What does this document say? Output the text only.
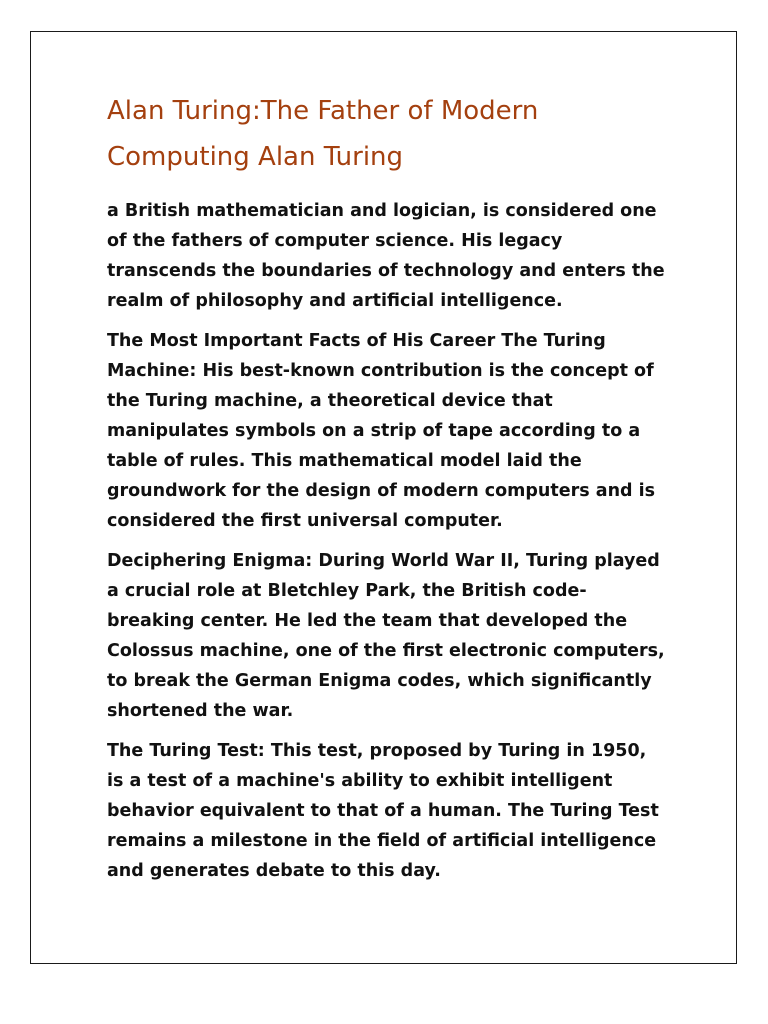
Alan Turing:The Father of Modern Computing Alan Turing

a British mathematician and logician, is considered one of the fathers of computer science. His legacy transcends the boundaries of technology and enters the realm of philosophy and artificial intelligence.

The Most Important Facts of His Career The Turing Machine: His best-known contribution is the concept of the Turing machine, a theoretical device that manipulates symbols on a strip of tape according to a table of rules. This mathematical model laid the groundwork for the design of modern computers and is considered the first universal computer.

Deciphering Enigma: During World War II, Turing played a crucial role at Bletchley Park, the British code-breaking center. He led the team that developed the Colossus machine, one of the first electronic computers, to break the German Enigma codes, which significantly shortened the war.

The Turing Test: This test, proposed by Turing in 1950, is a test of a machine's ability to exhibit intelligent behavior equivalent to that of a human. The Turing Test remains a milestone in the field of artificial intelligence and generates debate to this day.
